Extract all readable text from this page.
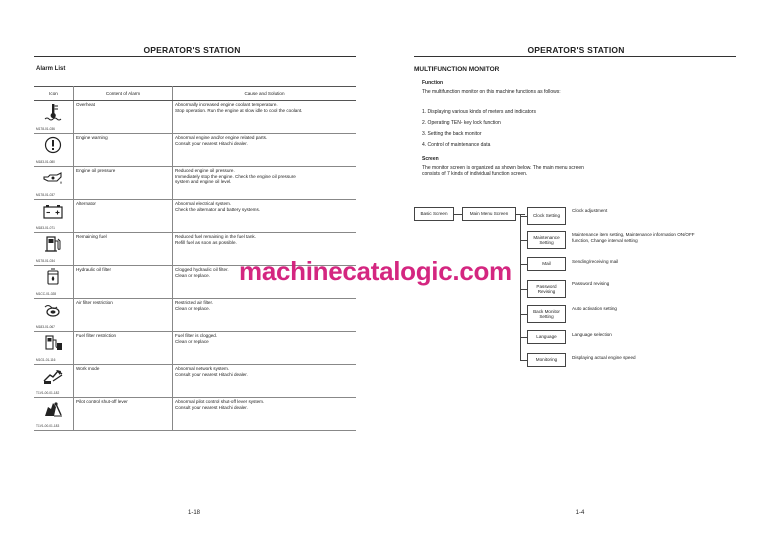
OPERATOR'S STATION
Alarm List
Icon	Content of Alarm	Cause and Solution

M178-01-036	Overheat	Abnormally increased engine coolant temperature.
Stop operation. Run the engine at slow idle to cool the coolant.

M183-01-080	Engine warning	Abnormal engine and/or engine related parts.
Consult your nearest Hitachi dealer.

M178-01-037	Engine oil pressure	Reduced engine oil pressure.
Immediately stop the engine. Check the engine oil pressure
system and engine oil level.

M183-01-071	Alternator	Abnormal electrical system.
Check the alternator and battery systems.

M178-01-034	Remaining fuel	Reduced fuel remaining in the fuel tank.
Refill fuel as soon as possible.

M1CC-01-028	Hydraulic oil filter	Clogged hydraulic oil filter.
Clean or replace.

M183-01-067	Air filter restriction	Restricted air filter.
Clean or replace.

M1G1-01-116	Fuel filter restriction	Fuel filter is clogged.
Clean or replace

T1V1-00-01-182	Work mode	Abnormal network system.
Consult your nearest Hitachi dealer.

T1V1-00-01-183	Pilot control shut-off lever	Abnormal pilot control shut-off lever system.
Consult your nearest Hitachi dealer.
1-18
OPERATOR'S STATION
MULTIFUNCTION MONITOR
Function
The multifunction monitor on this machine functions as follows:
1. Displaying various kinds of meters and indicators
2. Operating TEN- key lock function
3. Setting the back monitor
4. Control of maintenance data
Screen
The monitor screen is organized as shown below. The main menu screen consists of 7 kinds of individual function screen.
Basic Screen	Main Menu Screen	Clock Setting
Clock adjustment
Maintenance Setting
Maintenance item setting, Maintenance information ON/OFF function, Change interval setting
Mail	Sending/receiving mail
Password Revising
Password revising
Back Monitor Setting
Auto activation setting
Language	Language selection
Monitoring	Displaying actual engine speed
1-4
machinecatalogic.com
